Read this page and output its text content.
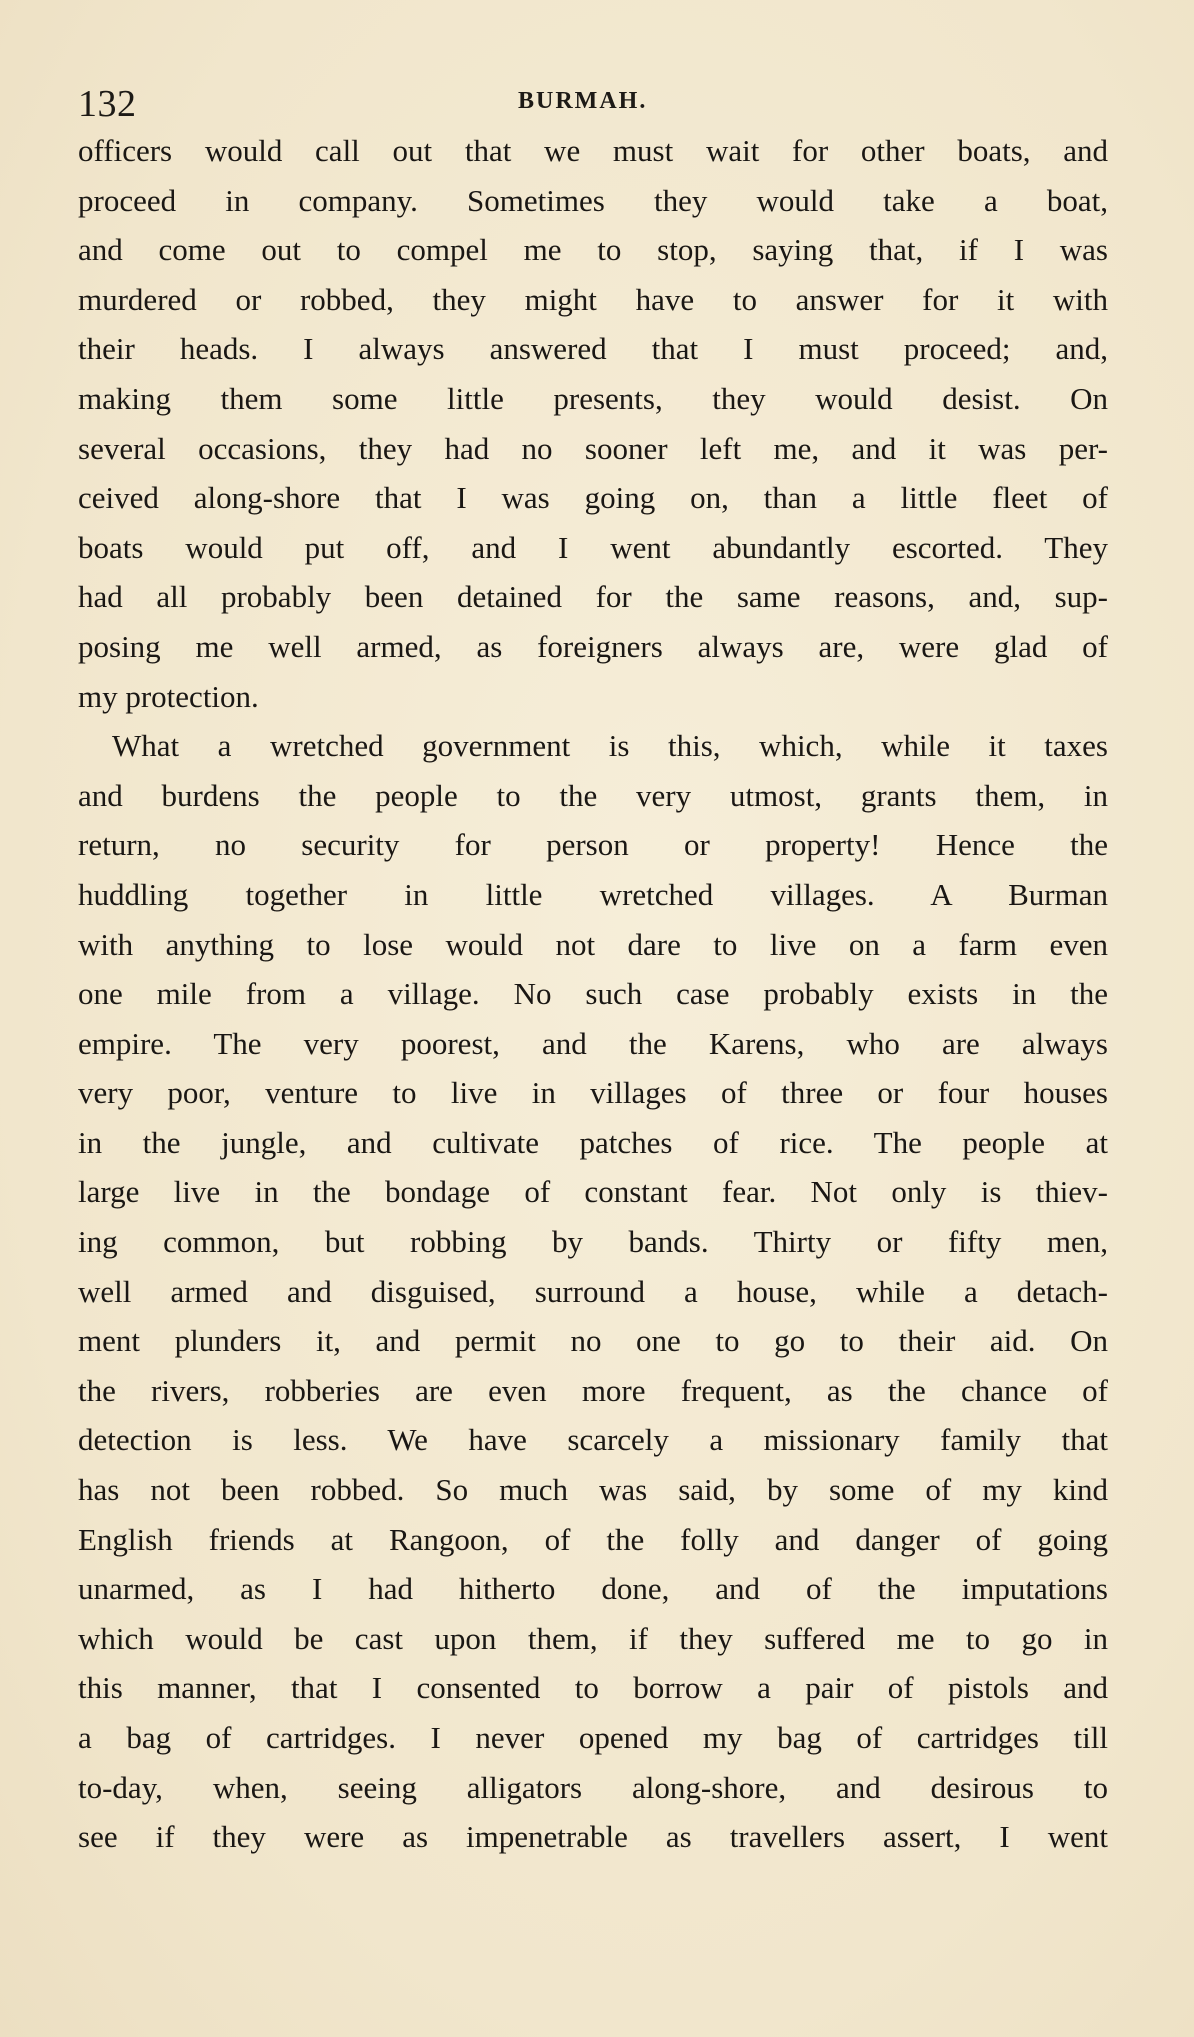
132	BURMAH.
officers would call out that we must wait for other boats, and
proceed in company. Sometimes they would take a boat,
and come out to compel me to stop, saying that, if I was
murdered or robbed, they might have to answer for it with
their heads. I always answered that I must proceed; and,
making them some little presents, they would desist. On
several occasions, they had no sooner left me, and it was per-
ceived along-shore that I was going on, than a little fleet of
boats would put off, and I went abundantly escorted. They
had all probably been detained for the same reasons, and, sup-
posing me well armed, as foreigners always are, were glad of
my protection.
What a wretched government is this, which, while it taxes
and burdens the people to the very utmost, grants them, in
return, no security for person or property! Hence the
huddling together in little wretched villages. A Burman
with anything to lose would not dare to live on a farm even
one mile from a village. No such case probably exists in the
empire. The very poorest, and the Karens, who are always
very poor, venture to live in villages of three or four houses
in the jungle, and cultivate patches of rice. The people at
large live in the bondage of constant fear. Not only is thiev-
ing common, but robbing by bands. Thirty or fifty men,
well armed and disguised, surround a house, while a detach-
ment plunders it, and permit no one to go to their aid. On
the rivers, robberies are even more frequent, as the chance of
detection is less. We have scarcely a missionary family that
has not been robbed. So much was said, by some of my kind
English friends at Rangoon, of the folly and danger of going
unarmed, as I had hitherto done, and of the imputations
which would be cast upon them, if they suffered me to go in
this manner, that I consented to borrow a pair of pistols and
a bag of cartridges. I never opened my bag of cartridges till
to-day, when, seeing alligators along-shore, and desirous to
see if they were as impenetrable as travellers assert, I went
